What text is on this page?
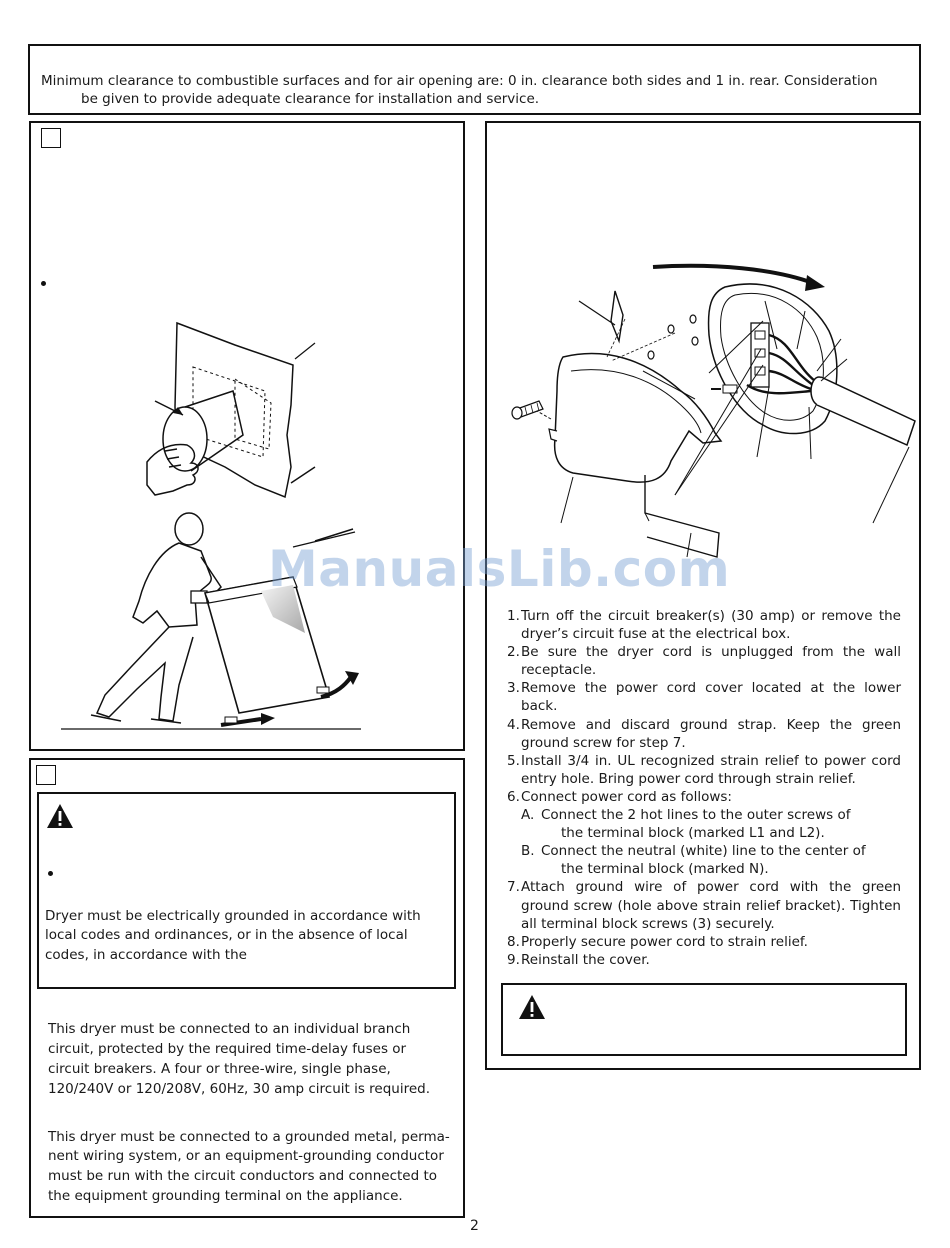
Minimum clearance to combustible surfaces and for air opening are: 0 in. clearance both sides and 1 in. rear. Consideration
be given to provide adequate clearance for installation and service.
Dryer must be electrically grounded in accordance with
local codes and ordinances, or in the absence of local
codes, in accordance with the
This dryer must be connected to an individual branch
circuit, protected by the required time-delay fuses or
circuit breakers. A four or three-wire, single phase,
120/240V or 120/208V, 60Hz, 30 amp circuit is required.
This dryer must be connected to a grounded metal, perma-
nent wiring system, or an equipment-grounding conductor
must be run with the circuit conductors and connected to
the equipment grounding terminal on the appliance.
1. Turn off the circuit breaker(s) (30 amp) or remove the dryer’s circuit fuse at the electrical box.
2. Be sure the dryer cord is unplugged from the wall receptacle.
3. Remove the power cord cover located at the lower back.
4. Remove and discard ground strap. Keep the green ground screw for step 7.
5. Install 3/4 in. UL recognized strain relief to power cord entry hole. Bring power cord through strain relief.
6. Connect power cord as follows:
A. Connect the 2 hot lines to the outer screws of
the terminal block (marked L1 and L2).
B. Connect the neutral (white) line to the center of
the terminal block (marked N).
7. Attach ground wire of power cord with the green ground screw (hole above strain relief bracket). Tighten all terminal block screws (3) securely.
8. Properly secure power cord to strain relief.
9. Reinstall the cover.
ManualsLib.com
2
